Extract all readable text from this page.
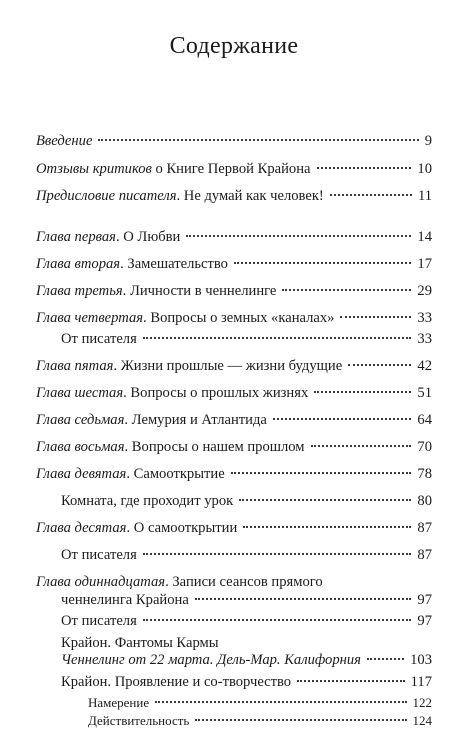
Содержание
Введение	9
Отзывы критиков о Книге Первой Крайона	10
Предисловие писателя. Не думай как человек!	11
Глава первая. О Любви	14
Глава вторая. Замешательство	17
Глава третья. Личности в ченнелинге	29
Глава четвертая. Вопросы о земных «каналах»	33
От писателя	33
Глава пятая. Жизни прошлые — жизни будущие	42
Глава шестая. Вопросы о прошлых жизнях	51
Глава седьмая. Лемурия и Атлантида	64
Глава восьмая. Вопросы о нашем прошлом	70
Глава девятая. Самооткрытие	78
Комната, где проходит урок	80
Глава десятая. О самооткрытии	87
От писателя	87
Глава одиннадцатая. Записи сеансов прямого
ченнелинга Крайона	97
От писателя	97
Крайон. Фантомы Кармы
Ченнелинг от 22 марта. Дель-Мар. Калифорния	103
Крайон. Проявление и со-творчество	117
Намерение	122
Действительность	124
